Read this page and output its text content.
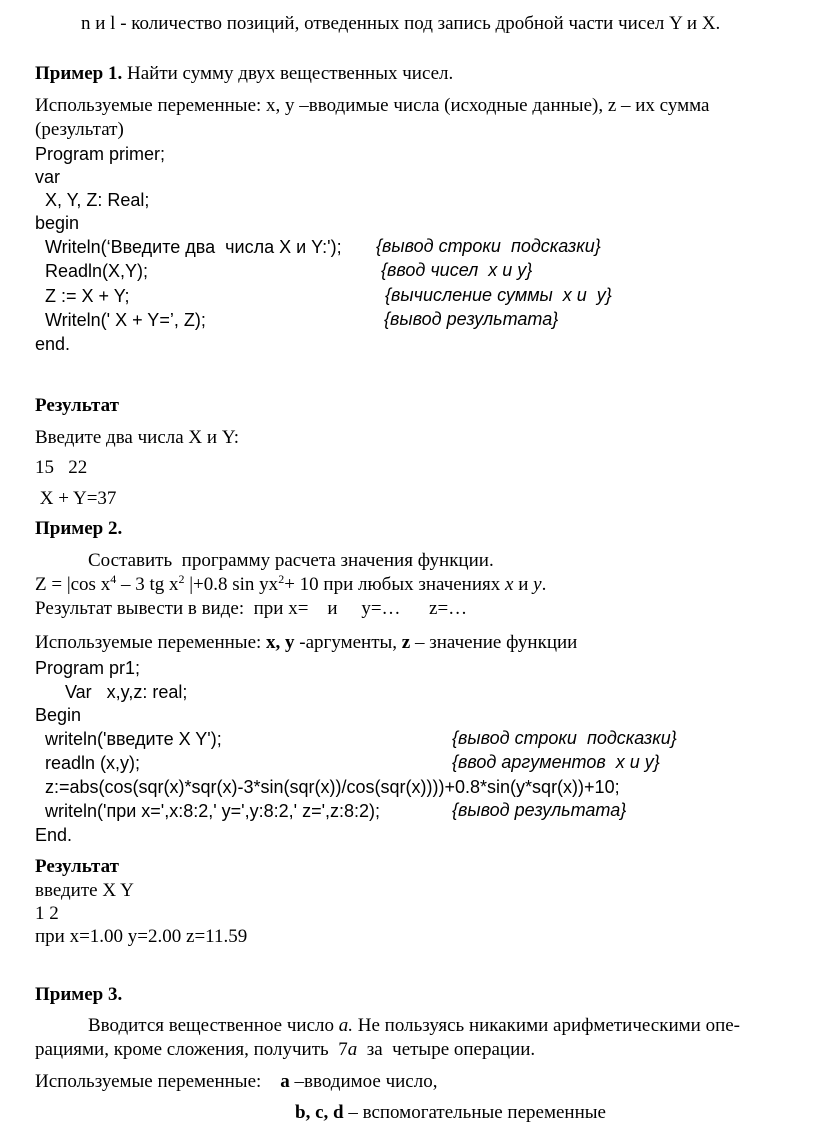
n и l - количество позиций, отведенных под запись дробной части чисел Y и X.
Пример 1. Найти сумму двух вещественных чисел.
Используемые переменные: x, y –вводимые числа (исходные данные), z – их сумма
(результат)
Program primer;
var
X, Y, Z: Real;
begin
Writeln(‘Введите два  числа X и Y:'); {вывод строки  подсказки}
Readln(X,Y);	{ввод чисел  x и y}
Z := X + Y;	{вычисление суммы  x и  y}
Writeln(' X + Y=’, Z);	{вывод результата}
end.
Результат
Введите два числа X и Y:
15   22
X + Y=37
Пример 2.
Составить  программу расчета значения функции.
Z = |cos $x^4 - 3$ tg $x^2$ |+0.8 $\sin yx^2+ 10$ при любых значениях x и y.
Результат вывести в виде:  при x=    и     y=…      z=…
Используемые переменные: x, y -аргументы, z – значение функции
Program pr1;
Var   x,y,z: real;
Begin
writeln('введите X Y');	{вывод строки  подсказки}
readln (x,y);	{ввод аргументов  x и y}
z:=abs(cos(sqr(x)*sqr(x)-3*sin(sqr(x))/cos(sqr(x))))+0.8*sin(y*sqr(x))+10;
writeln('при x=',x:8:2,' y=',y:8:2,' z=',z:8:2);	{вывод результата}
End.
Результат
введите X Y
1 2
при x=1.00 y=2.00 z=11.59
Пример 3.
Вводится вещественное число a. Не пользуясь никакими арифметическими опе-
рациями, кроме сложения, получить  7a  за  четыре операции.
Используемые переменные:    a –вводимое число,
b, c, d – вспомогательные переменные
